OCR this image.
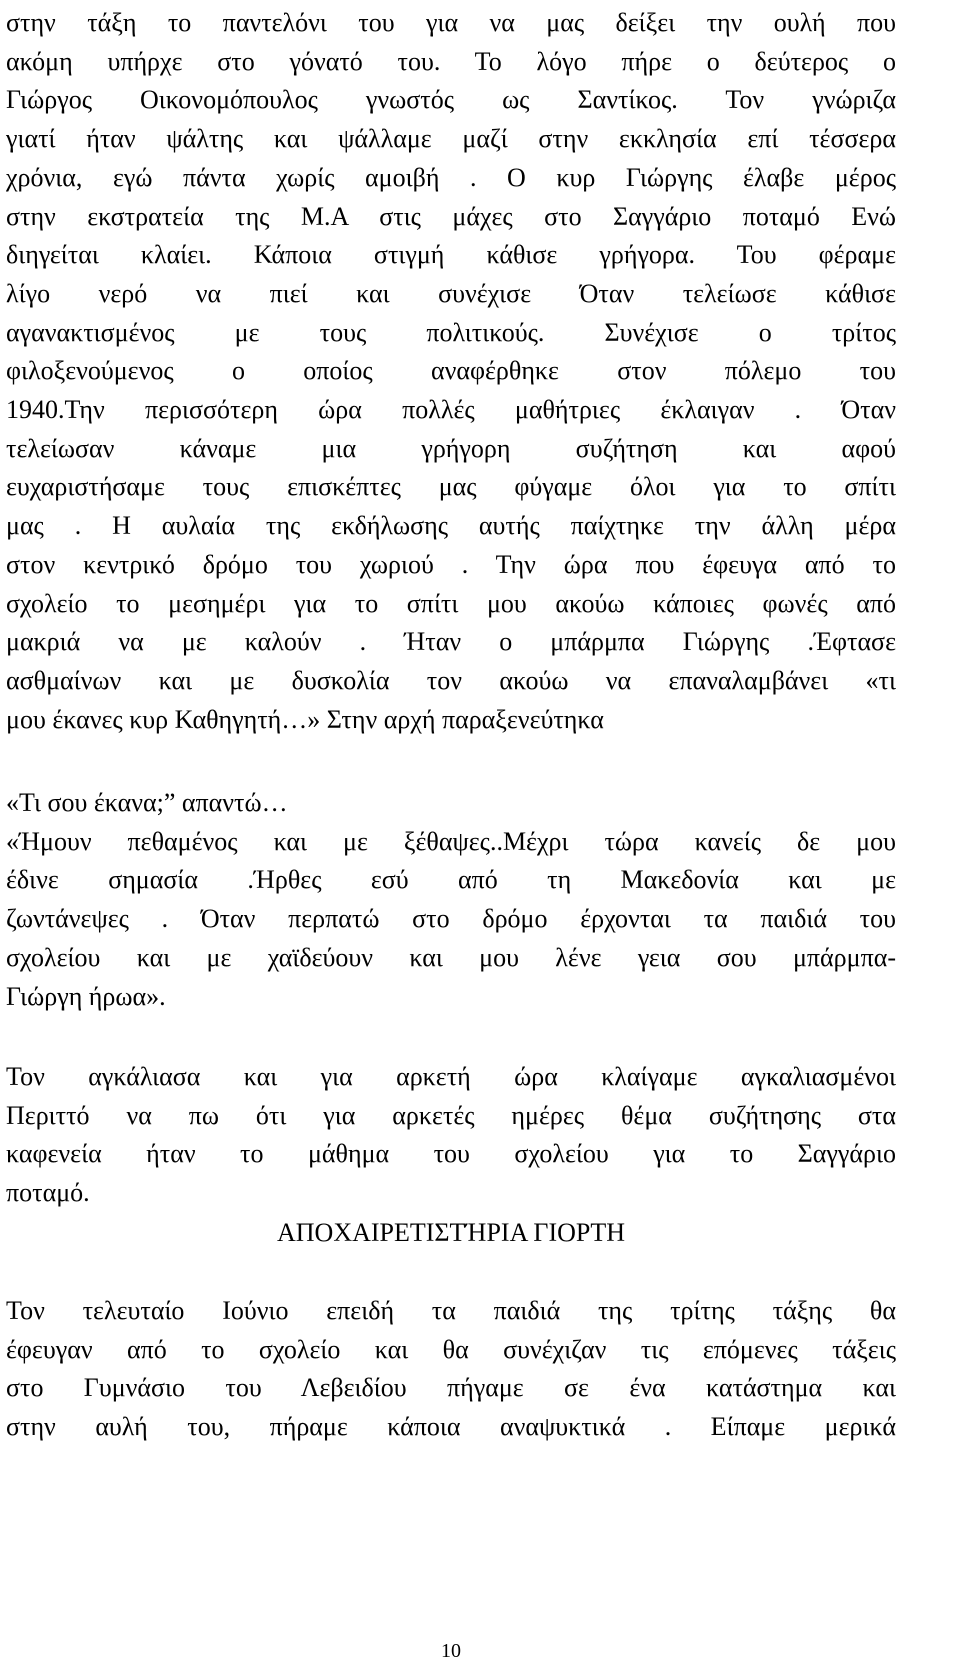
στην τάξη το παντελόνι του για να μας δείξει την ουλή που
ακόμη υπήρχε στο γόνατό του. Το λόγο πήρε ο δεύτερος ο
Γιώργος Οικονομόπουλος γνωστός ως Σαντίκος. Τον γνώριζα
γιατί ήταν ψάλτης και ψάλλαμε μαζί στην εκκλησία επί τέσσερα
χρόνια, εγώ πάντα χωρίς αμοιβή . Ο κυρ Γιώργης έλαβε μέρος
στην εκστρατεία της Μ.Α στις μάχες στο Σαγγάριο ποταμό Ενώ
διηγείται κλαίει. Κάποια στιγμή κάθισε γρήγορα. Του φέραμε
λίγο νερό να πιεί και συνέχισε Όταν τελείωσε κάθισε
αγανακτισμένος με τους πολιτικούς. Συνέχισε ο τρίτος
φιλοξενούμενος ο οποίος αναφέρθηκε στον πόλεμο του
1940.Την περισσότερη ώρα πολλές μαθήτριες έκλαιγαν . Όταν
τελείωσαν κάναμε μια γρήγορη συζήτηση και αφού
ευχαριστήσαμε τους επισκέπτες μας φύγαμε όλοι για το σπίτι
μας . Η αυλαία της εκδήλωσης αυτής παίχτηκε την άλλη μέρα
στον κεντρικό δρόμο του χωριού . Την ώρα που έφευγα από το
σχολείο το μεσημέρι για το σπίτι μου ακούω κάποιες φωνές από
μακριά να με καλούν . Ήταν ο μπάρμπα Γιώργης .Έφτασε
ασθμαίνων και με δυσκολία τον ακούω να επαναλαμβάνει «τι
μου έκανες κυρ Καθηγητή…» Στην αρχή παραξενεύτηκα
«Τι σου έκανα;” απαντώ…
«Ήμουν πεθαμένος και με ξέθαψες..Μέχρι τώρα κανείς δε μου
έδινε σημασία .Ήρθες εσύ από τη Μακεδονία και με
ζωντάνεψες . Όταν περπατώ στο δρόμο έρχονται τα παιδιά του
σχολείου και με χαϊδεύουν και μου λένε γεια σου μπάρμπα-
Γιώργη ήρωα».
Τον αγκάλιασα και για αρκετή ώρα κλαίγαμε αγκαλιασμένοι
Περιττό να πω ότι για αρκετές ημέρες θέμα συζήτησης στα
καφενεία ήταν το μάθημα του σχολείου για το Σαγγάριο
ποταμό.
ΑΠΟΧΑΙΡΕΤΙΣΤΉΡΙΑ ΓΙΟΡΤΗ
Τον τελευταίο Ιούνιο επειδή τα παιδιά της τρίτης τάξης θα
έφευγαν από το σχολείο και θα συνέχιζαν τις επόμενες τάξεις
στο Γυμνάσιο του Λεβειδίου πήγαμε σε ένα κατάστημα και
στην αυλή του, πήραμε κάποια αναψυκτικά . Είπαμε μερικά
10
